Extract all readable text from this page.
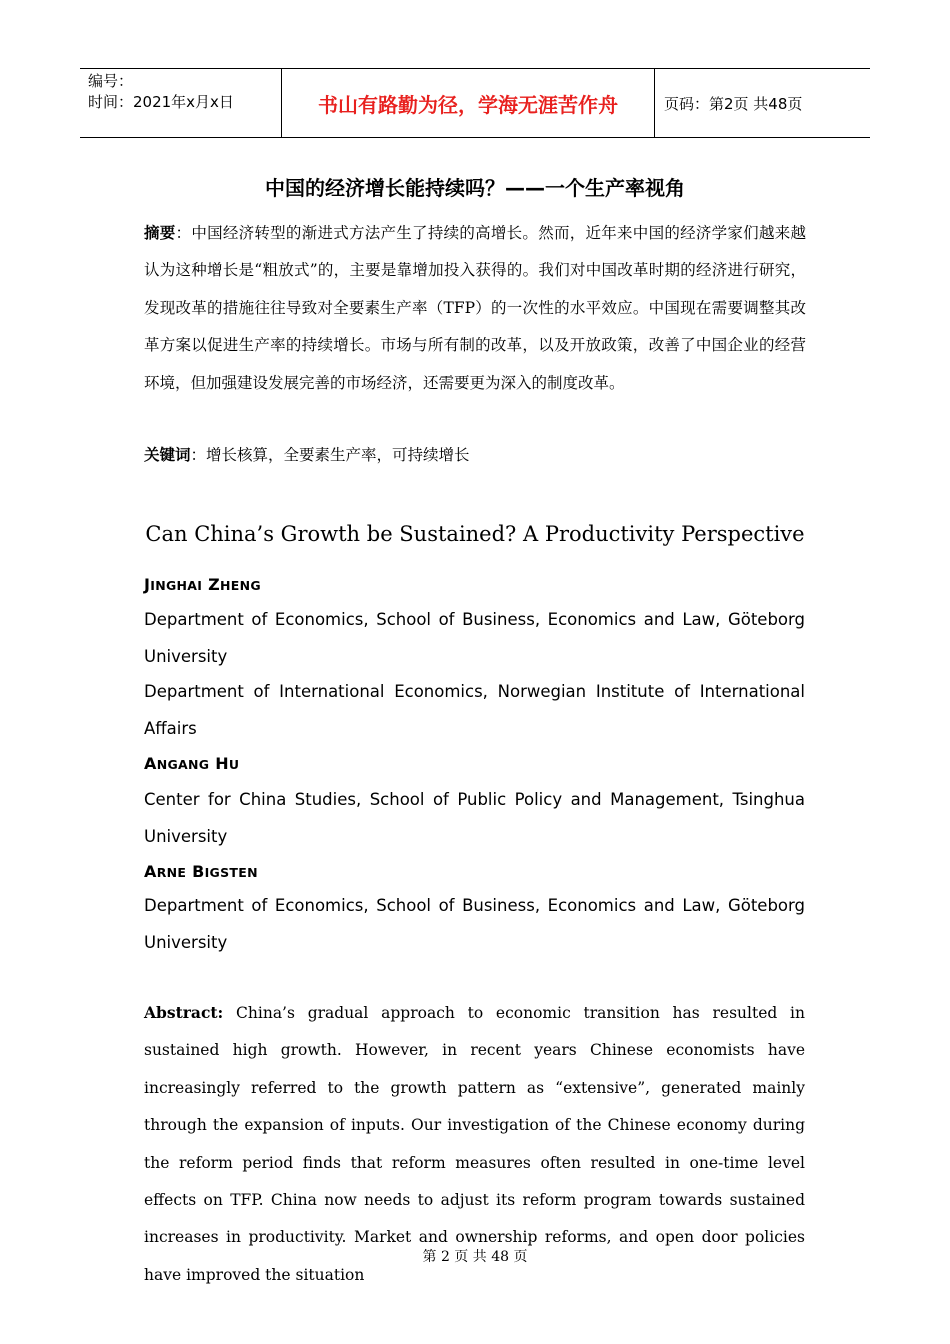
编号：
时间：2021年x月x日	书山有路勤为径，学海无涯苦作舟	页码：第2页 共48页
中国的经济增长能持续吗？——一个生产率视角
摘要：中国经济转型的渐进式方法产生了持续的高增长。然而，近年来中国的经济学家们越来越认为这种增长是“粗放式”的，主要是靠增加投入获得的。我们对中国改革时期的经济进行研究，发现改革的措施往往导致对全要素生产率（TFP）的一次性的水平效应。中国现在需要调整其改革方案以促进生产率的持续增长。市场与所有制的改革，以及开放政策，改善了中国企业的经营环境，但加强建设发展完善的市场经济，还需要更为深入的制度改革。
关键词：增长核算，全要素生产率，可持续增长
Can China’s Growth be Sustained? A Productivity Perspective
JINGHAI ZHENG
Department of Economics, School of Business, Economics and Law, Göteborg University
Department of International Economics, Norwegian Institute of International Affairs
ANGANG HU
Center for China Studies, School of Public Policy and Management, Tsinghua University
ARNE BIGSTEN
Department of Economics, School of Business, Economics and Law, Göteborg University
Abstract: China’s gradual approach to economic transition has resulted in sustained high growth. However, in recent years Chinese economists have increasingly referred to the growth pattern as “extensive”, generated mainly through the expansion of inputs. Our investigation of the Chinese economy during the reform period finds that reform measures often resulted in one-time level effects on TFP. China now needs to adjust its reform program towards sustained increases in productivity. Market and ownership reforms, and open door policies have improved the situation
第 2 页 共 48 页
